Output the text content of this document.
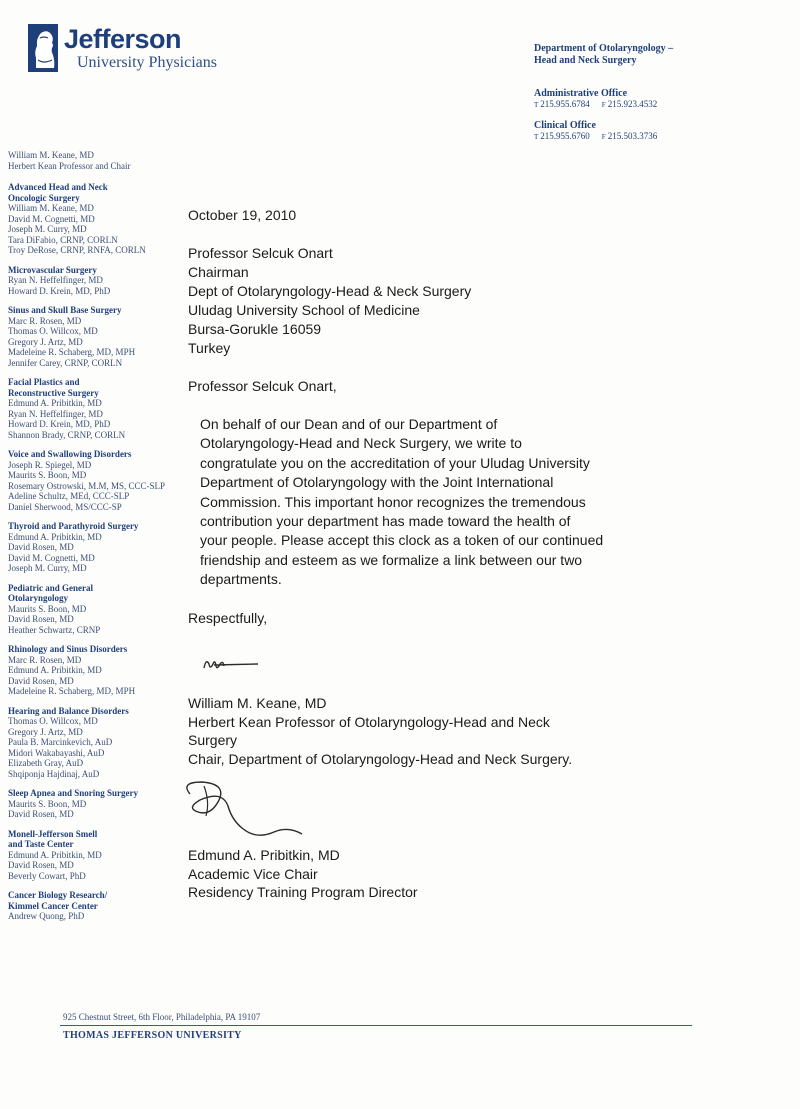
Jefferson
University Physicians
Department of Otolaryngology –
Head and Neck Surgery
Administrative Office
T 215.955.6784 F 215.923.4532
Clinical Office
T 215.955.6760 F 215.503.3736
William M. Keane, MD
Herbert Kean Professor and Chair
Advanced Head and Neck
Oncologic Surgery
William M. Keane, MD
David M. Cognetti, MD
Joseph M. Curry, MD
Tara DiFabio, CRNP, CORLN
Troy DeRose, CRNP, RNFA, CORLN
Microvascular Surgery
Ryan N. Heffelfinger, MD
Howard D. Krein, MD, PhD
Sinus and Skull Base Surgery
Marc R. Rosen, MD
Thomas O. Willcox, MD
Gregory J. Artz, MD
Madeleine R. Schaberg, MD, MPH
Jennifer Carey, CRNP, CORLN
Facial Plastics and
Reconstructive Surgery
Edmund A. Pribitkin, MD
Ryan N. Heffelfinger, MD
Howard D. Krein, MD, PhD
Shannon Brady, CRNP, CORLN
Voice and Swallowing Disorders
Joseph R. Spiegel, MD
Maurits S. Boon, MD
Rosemary Ostrowski, M.M, MS, CCC-SLP
Adeline Schultz, MEd, CCC-SLP
Daniel Sherwood, MS/CCC-SP
Thyroid and Parathyroid Surgery
Edmund A. Pribitkin, MD
David Rosen, MD
David M. Cognetti, MD
Joseph M. Curry, MD
Pediatric and General
Otolaryngology
Maurits S. Boon, MD
David Rosen, MD
Heather Schwartz, CRNP
Rhinology and Sinus Disorders
Marc R. Rosen, MD
Edmund A. Pribitkin, MD
David Rosen, MD
Madeleine R. Schaberg, MD, MPH
Hearing and Balance Disorders
Thomas O. Willcox, MD
Gregory J. Artz, MD
Paula B. Marcinkevich, AuD
Midori Wakabayashi, AuD
Elizabeth Gray, AuD
Shqiponja Hajdinaj, AuD
Sleep Apnea and Snoring Surgery
Maurits S. Boon, MD
David Rosen, MD
Monell-Jefferson Smell
and Taste Center
Edmund A. Pribitkin, MD
David Rosen, MD
Beverly Cowart, PhD
Cancer Biology Research/
Kimmel Cancer Center
Andrew Quong, PhD
October 19, 2010
Professor Selcuk Onart
Chairman
Dept of Otolaryngology-Head & Neck Surgery
Uludag University School of Medicine
Bursa-Gorukle 16059
Turkey
Professor Selcuk Onart,
On behalf of our Dean and of our Department of
Otolaryngology-Head and Neck Surgery, we write to
congratulate you on the accreditation of your Uludag University
Department of Otolaryngology with the Joint International
Commission. This important honor recognizes the tremendous
contribution your department has made toward the health of
your people. Please accept this clock as a token of our continued
friendship and esteem as we formalize a link between our two
departments.
Respectfully,
William M. Keane, MD
Herbert Kean Professor of Otolaryngology-Head and Neck
Surgery
Chair, Department of Otolaryngology-Head and Neck Surgery.
Edmund A. Pribitkin, MD
Academic Vice Chair
Residency Training Program Director
925 Chestnut Street, 6th Floor, Philadelphia, PA 19107
THOMAS JEFFERSON UNIVERSITY
